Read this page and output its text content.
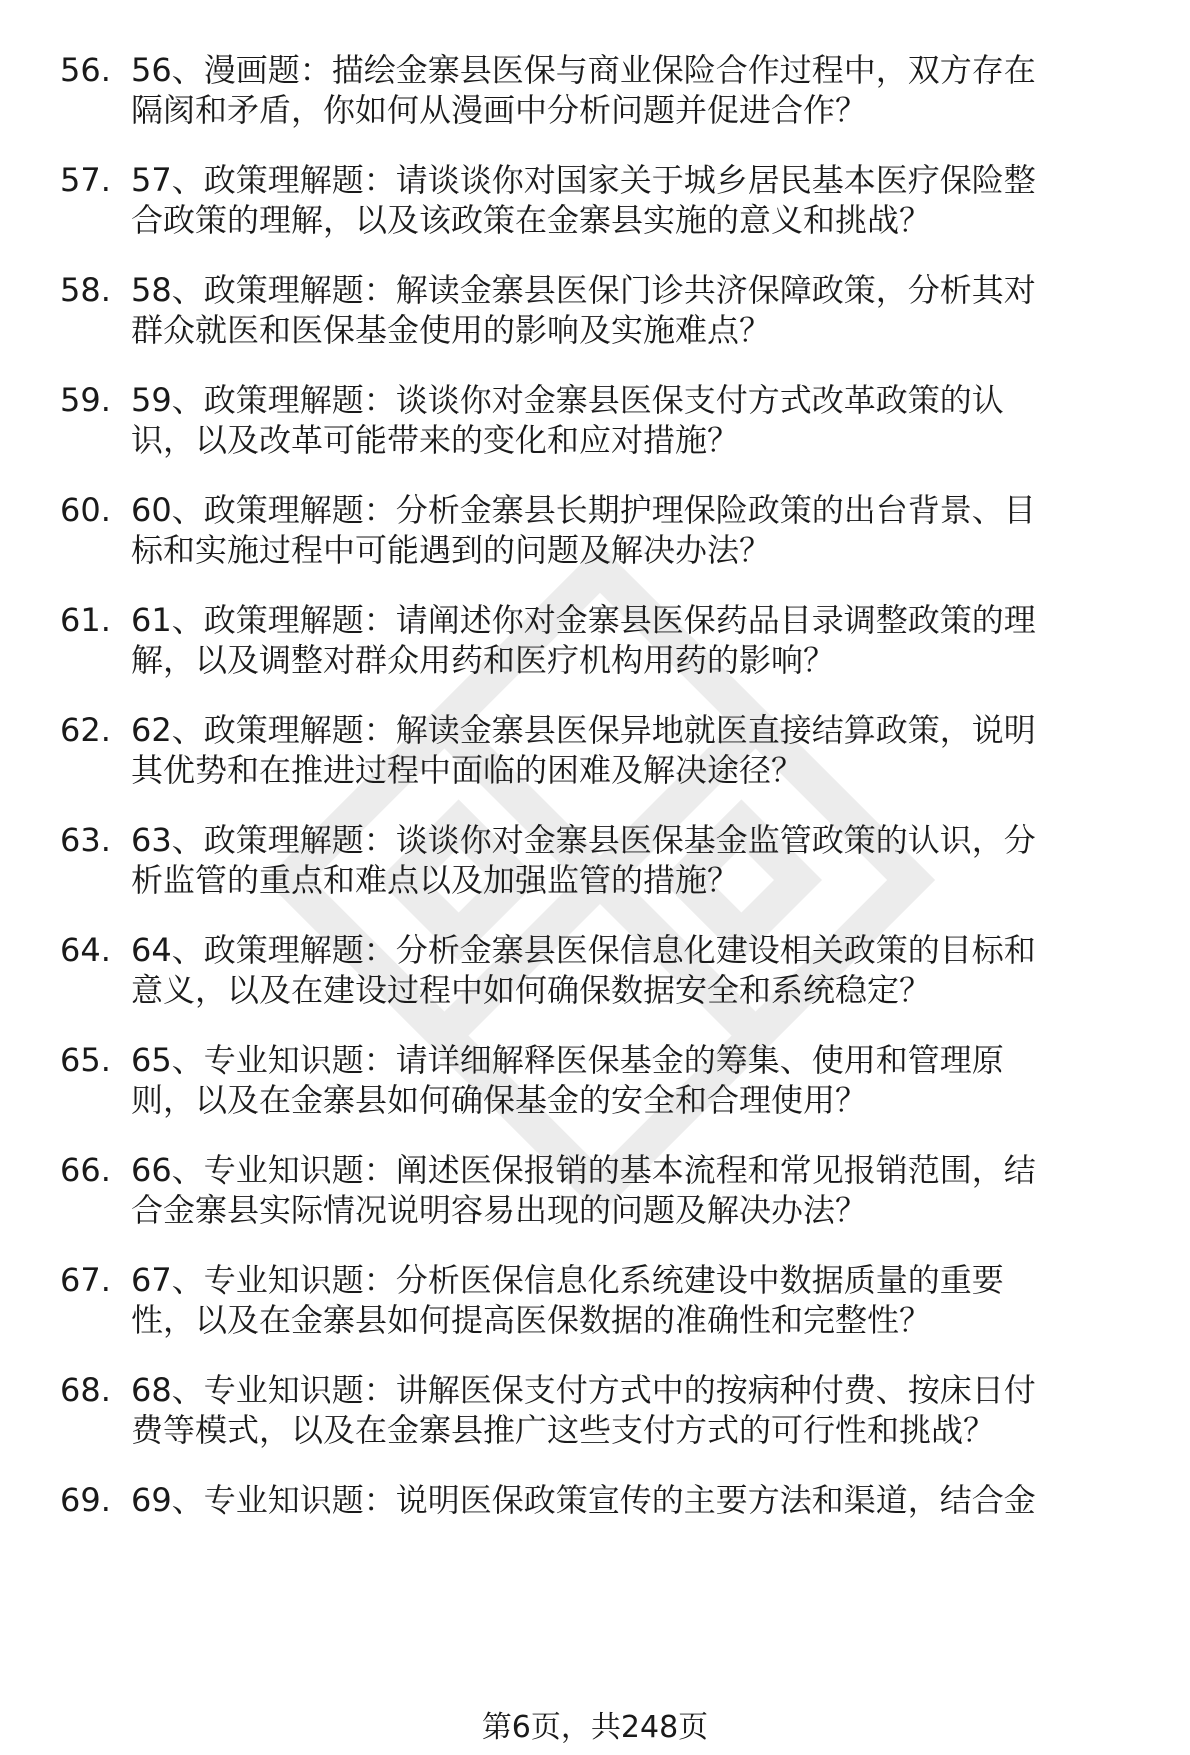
56. 56、漫画题：描绘金寨县医保与商业保险合作过程中，双方存在
隔阂和矛盾，你如何从漫画中分析问题并促进合作？
57. 57、政策理解题：请谈谈你对国家关于城乡居民基本医疗保险整
合政策的理解，以及该政策在金寨县实施的意义和挑战？
58. 58、政策理解题：解读金寨县医保门诊共济保障政策，分析其对
群众就医和医保基金使用的影响及实施难点？
59. 59、政策理解题：谈谈你对金寨县医保支付方式改革政策的认
识，以及改革可能带来的变化和应对措施？
60. 60、政策理解题：分析金寨县长期护理保险政策的出台背景、目
标和实施过程中可能遇到的问题及解决办法？
61. 61、政策理解题：请阐述你对金寨县医保药品目录调整政策的理
解，以及调整对群众用药和医疗机构用药的影响？
62. 62、政策理解题：解读金寨县医保异地就医直接结算政策，说明
其优势和在推进过程中面临的困难及解决途径？
63. 63、政策理解题：谈谈你对金寨县医保基金监管政策的认识，分
析监管的重点和难点以及加强监管的措施？
64. 64、政策理解题：分析金寨县医保信息化建设相关政策的目标和
意义，以及在建设过程中如何确保数据安全和系统稳定？
65. 65、专业知识题：请详细解释医保基金的筹集、使用和管理原
则，以及在金寨县如何确保基金的安全和合理使用？
66. 66、专业知识题：阐述医保报销的基本流程和常见报销范围，结
合金寨县实际情况说明容易出现的问题及解决办法？
67. 67、专业知识题：分析医保信息化系统建设中数据质量的重要
性，以及在金寨县如何提高医保数据的准确性和完整性？
68. 68、专业知识题：讲解医保支付方式中的按病种付费、按床日付
费等模式，以及在金寨县推广这些支付方式的可行性和挑战？
69. 69、专业知识题：说明医保政策宣传的主要方法和渠道，结合金
第6页，共248页
